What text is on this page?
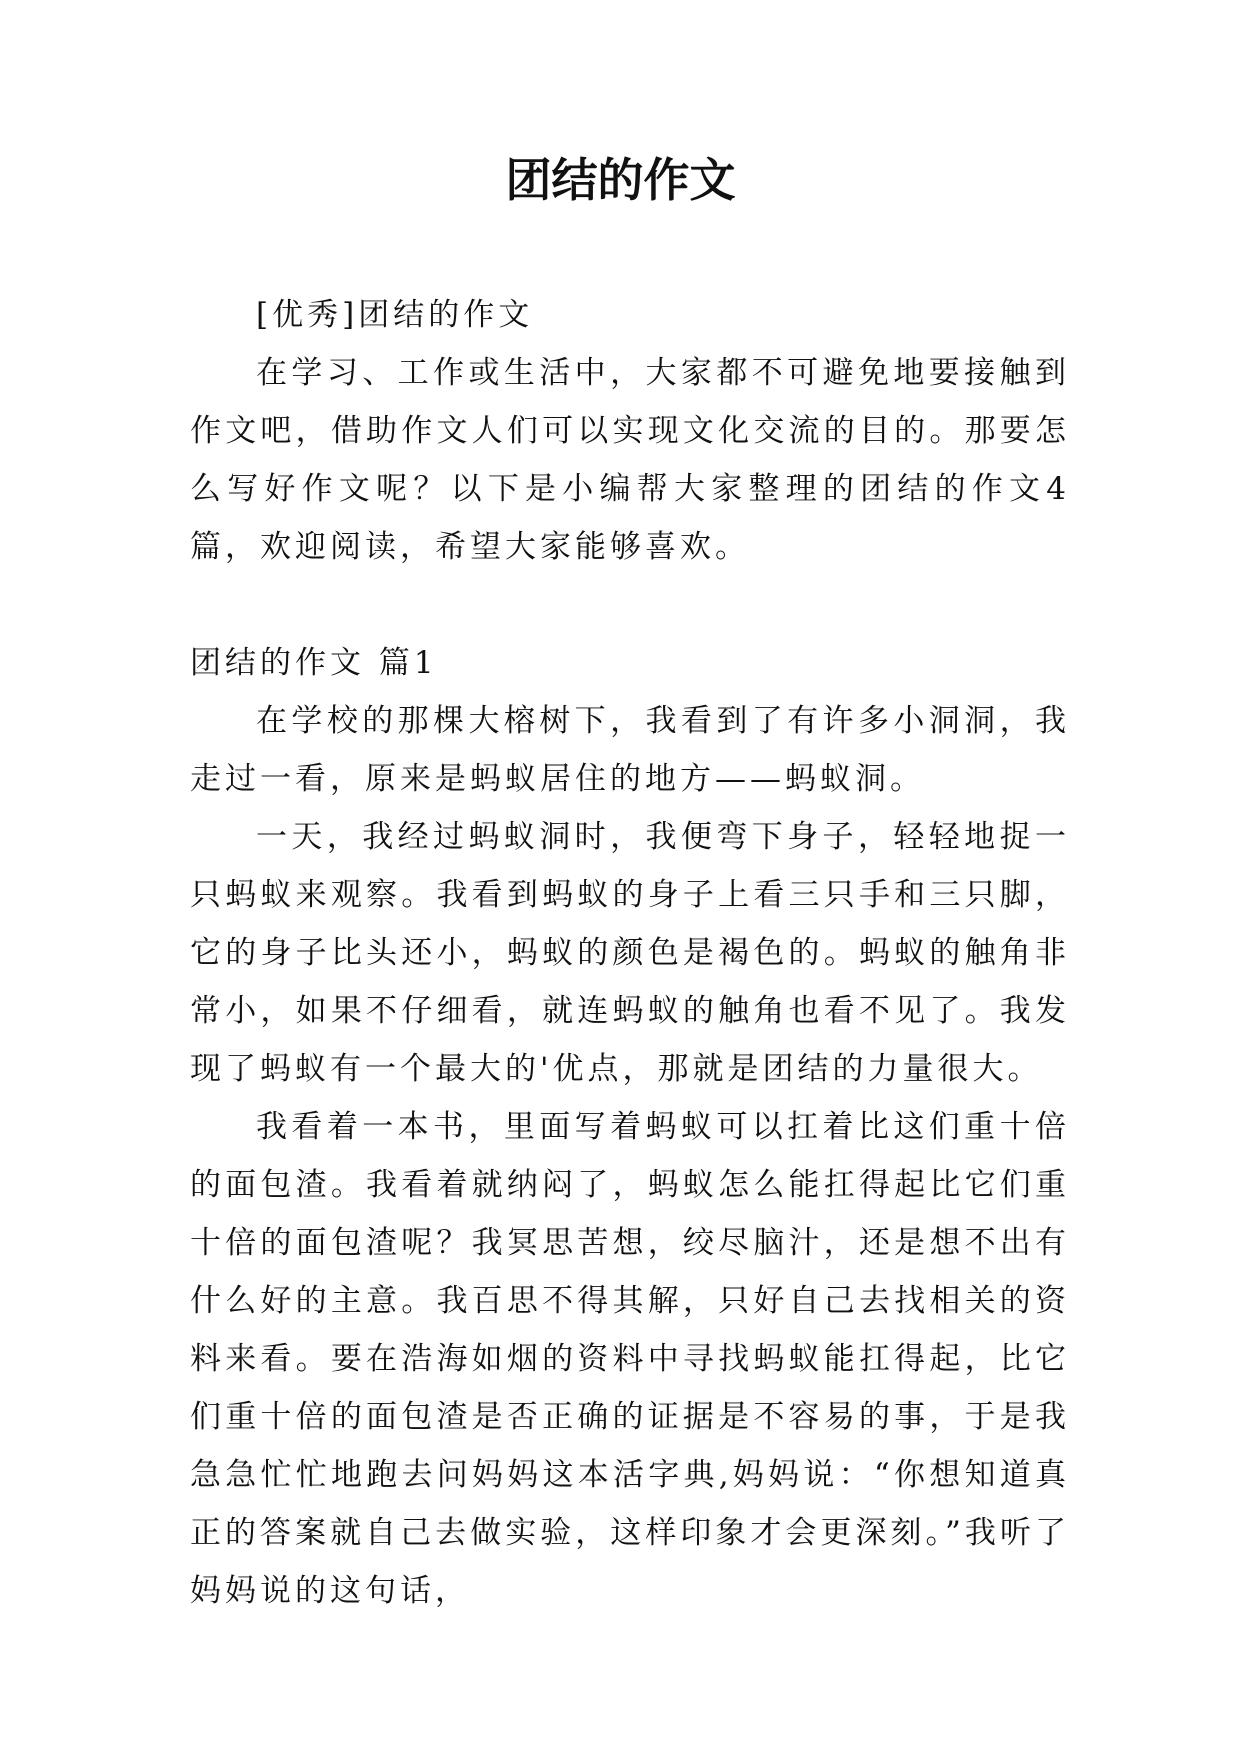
团结的作文

[优秀]团结的作文

在学习、工作或生活中，大家都不可避免地要接触到作文吧，借助作文人们可以实现文化交流的目的。那要怎么写好作文呢？以下是小编帮大家整理的团结的作文4篇，欢迎阅读，希望大家能够喜欢。

团结的作文 篇1

在学校的那棵大榕树下，我看到了有许多小洞洞，我走过一看，原来是蚂蚁居住的地方——蚂蚁洞。

一天，我经过蚂蚁洞时，我便弯下身子，轻轻地捉一只蚂蚁来观察。我看到蚂蚁的身子上看三只手和三只脚，它的身子比头还小，蚂蚁的颜色是褐色的。蚂蚁的触角非常小，如果不仔细看，就连蚂蚁的触角也看不见了。我发现了蚂蚁有一个最大的'优点，那就是团结的力量很大。

我看着一本书，里面写着蚂蚁可以扛着比这们重十倍的面包渣。我看着就纳闷了，蚂蚁怎么能扛得起比它们重十倍的面包渣呢？我冥思苦想，绞尽脑汁，还是想不出有什么好的主意。我百思不得其解，只好自己去找相关的资料来看。要在浩海如烟的资料中寻找蚂蚁能扛得起，比它们重十倍的面包渣是否正确的证据是不容易的事，于是我急急忙忙地跑去问妈妈这本活字典,妈妈说：“你想知道真正的答案就自己去做实验，这样印象才会更深刻。”我听了妈妈说的这句话，
